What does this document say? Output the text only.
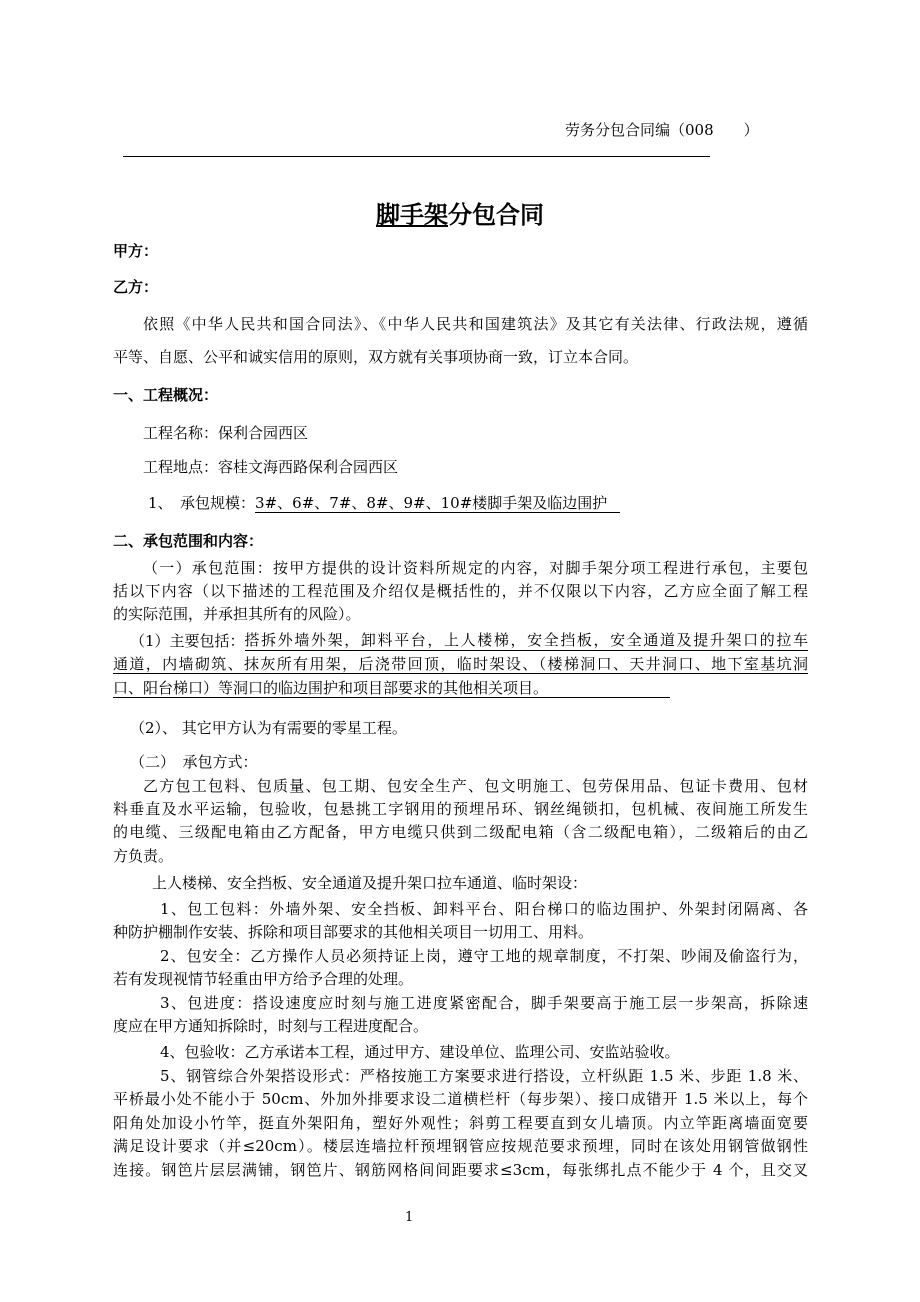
劳务分包合同编（008　　）
脚手架分包合同
甲方：
乙方：
依照《中华人民共和国合同法》、《中华人民共和国建筑法》及其它有关法律、行政法规，遵循
平等、自愿、公平和诚实信用的原则，双方就有关事项协商一致，订立本合同。
一、工程概况：
工程名称：保利合园西区
工程地点：容桂文海西路保利合园西区
1、　承包规模：3#、6#、7#、8#、9#、10#楼脚手架及临边围护
二、承包范围和内容：
（一）承包范围：按甲方提供的设计资料所规定的内容，对脚手架分项工程进行承包，主要包
括以下内容（以下描述的工程范围及介绍仅是概括性的，并不仅限以下内容，乙方应全面了解工程
的实际范围，并承担其所有的风险）。
（1）主要包括： 搭拆外墙外架，卸料平台，上人楼梯，安全挡板，安全通道及提升架口的拉车
通道，内墙砌筑、抹灰所有用架，后浇带回顶，临时架设、（楼梯洞口、天井洞口、地下室基坑洞
口、阳台梯口）等洞口的临边围护和项目部要求的其他相关项目。
（2）、 其它甲方认为有需要的零星工程。
（二）　承包方式：
乙方包工包料、包质量、包工期、包安全生产、包文明施工、包劳保用品、包证卡费用、包材
料垂直及水平运输，包验收，包悬挑工字钢用的预埋吊环、钢丝绳锁扣，包机械、夜间施工所发生
的电缆、三级配电箱由乙方配备，甲方电缆只供到二级配电箱（含二级配电箱），二级箱后的由乙
方负责。
上人楼梯、安全挡板、安全通道及提升架口拉车通道、临时架设：
1、包工包料：外墙外架、安全挡板、卸料平台、阳台梯口的临边围护、外架封闭隔离、各
种防护棚制作安装、拆除和项目部要求的其他相关项目一切用工、用料。
2、包安全：乙方操作人员必须持证上岗，遵守工地的规章制度，不打架、吵闹及偷盗行为，
若有发现视情节轻重由甲方给予合理的处理。
3、包进度：搭设速度应时刻与施工进度紧密配合，脚手架要高于施工层一步架高，拆除速
度应在甲方通知拆除时，时刻与工程进度配合。
4、包验收：乙方承诺本工程，通过甲方、建设单位、监理公司、安监站验收。
5、钢管综合外架搭设形式：严格按施工方案要求进行搭设，立杆纵距 1.5 米、步距 1.8 米、
平桥最小处不能小于 50cm、外加外排要求设二道横栏杆（每步架）、接口成错开 1.5 米以上，每个
阳角处加设小竹竿，挺直外架阳角，塑好外观性；斜剪工程要直到女儿墙顶。内立竿距离墙面宽要
满足设计要求（并≤20cm）。楼层连墙拉杆预埋钢管应按规范要求预埋，同时在该处用钢管做钢性
连接。钢笆片层层满铺，钢笆片、钢筋网格间间距要求≤3cm，每张绑扎点不能少于 4 个，且交叉
1
